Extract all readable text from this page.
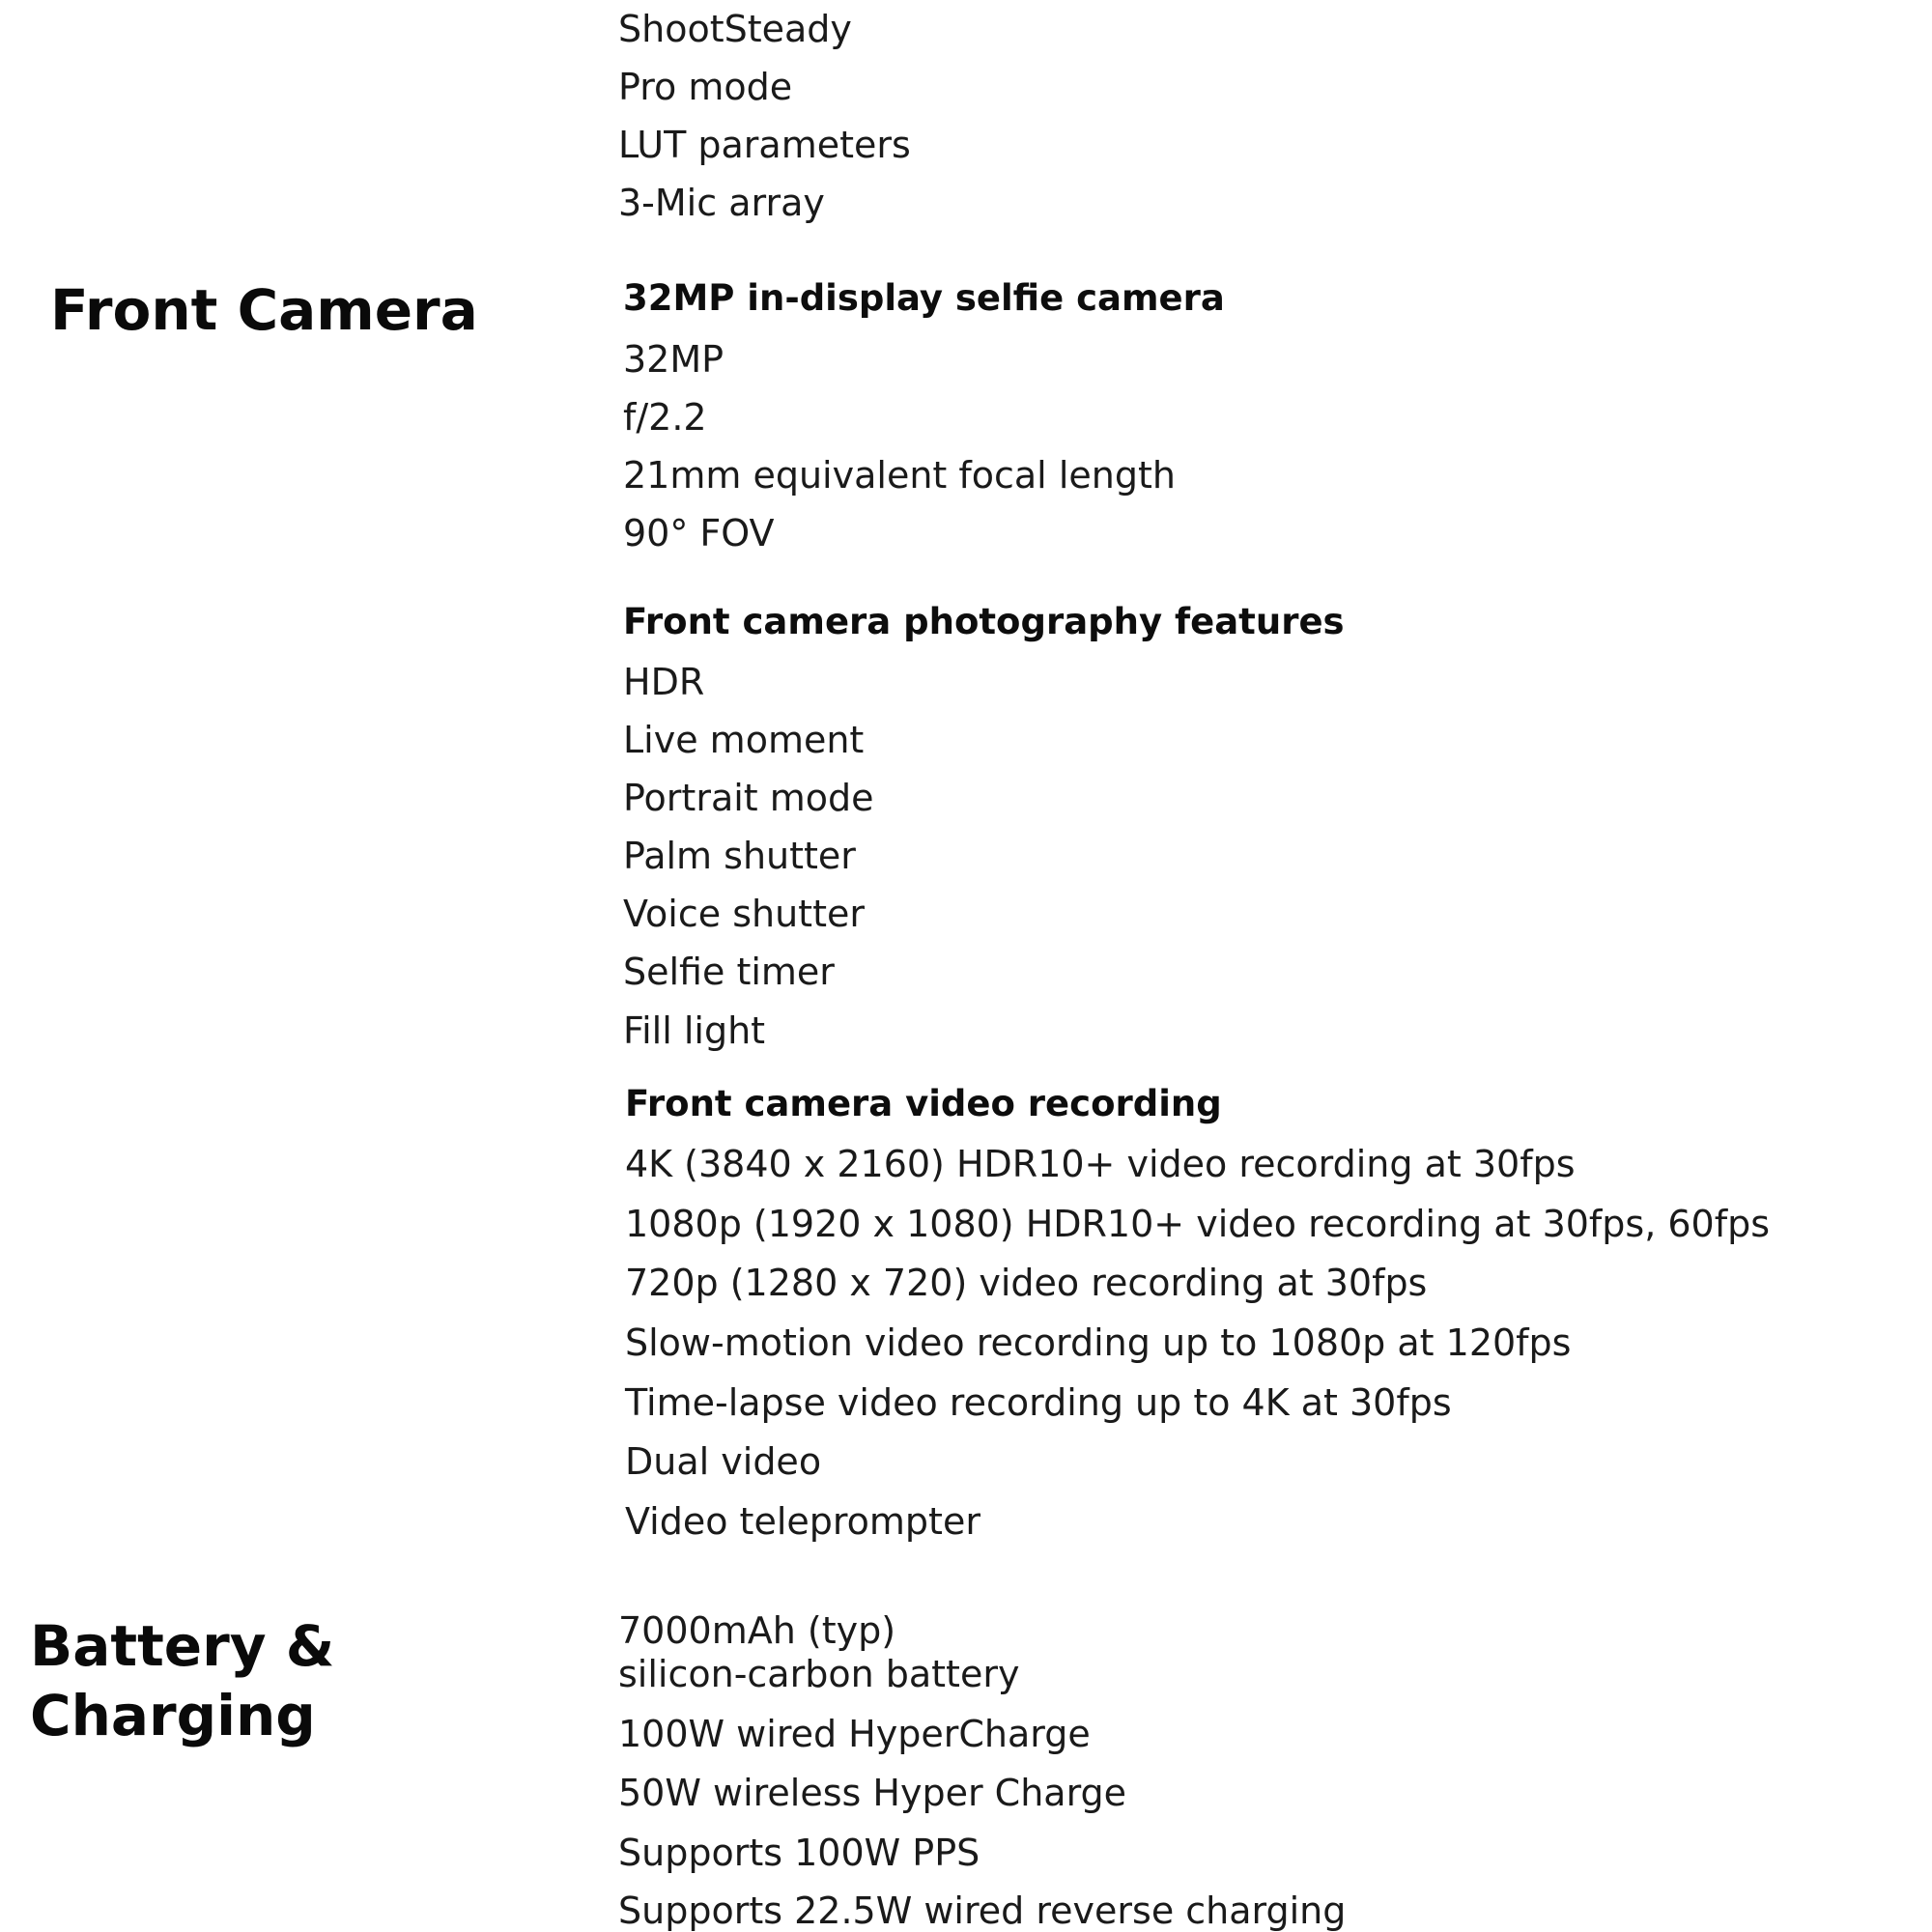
ShootSteady
Pro mode
LUT parameters
3-Mic array
Front Camera	32MP in-display selfie camera
32MP
f/2.2
21mm equivalent focal length
90° FOV
Front camera photography features
HDR
Live moment
Portrait mode
Palm shutter
Voice shutter
Selfie timer
Fill light
Front camera video recording
4K (3840 x 2160) HDR10+ video recording at 30fps
1080p (1920 x 1080) HDR10+ video recording at 30fps, 60fps
720p (1280 x 720) video recording at 30fps
Slow-motion video recording up to 1080p at 120fps
Time-lapse video recording up to 4K at 30fps
Dual video
Video teleprompter
Battery &
Charging
7000mAh (typ)
silicon-carbon battery
100W wired HyperCharge
50W wireless Hyper Charge
Supports 100W PPS
Supports 22.5W wired reverse charging
